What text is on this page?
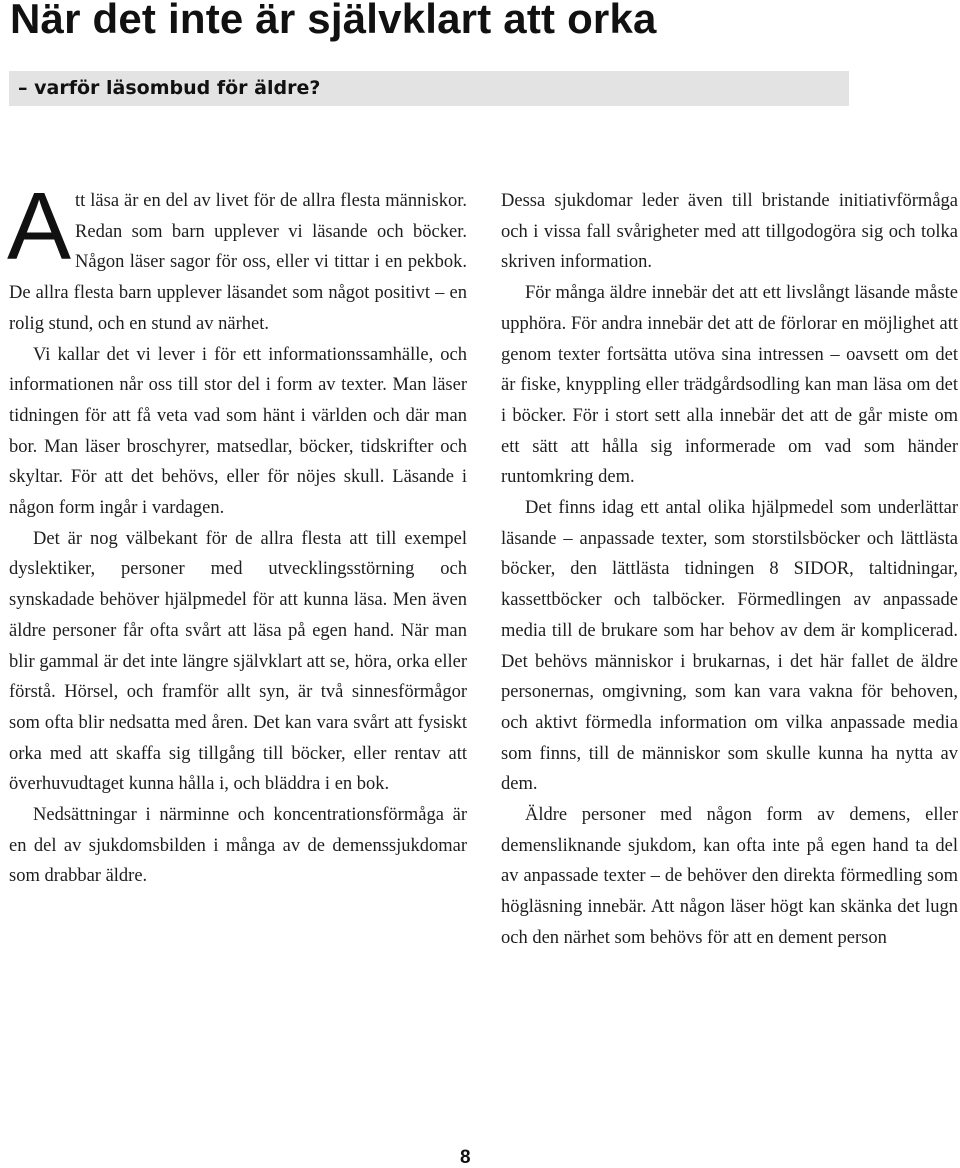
När det inte är självklart att orka
– varför läsombud för äldre?

Att läsa är en del av livet för de allra flesta människor. Redan som barn upplever vi läsande och böcker. Någon läser sagor för oss, eller vi tittar i en pekbok. De allra flesta barn upplever läsandet som något positivt – en rolig stund, och en stund av närhet.

Vi kallar det vi lever i för ett informationssamhälle, och informationen når oss till stor del i form av texter. Man läser tidningen för att få veta vad som hänt i världen och där man bor. Man läser broschyrer, matsedlar, böcker, tidskrifter och skyltar. För att det behövs, eller för nöjes skull. Läsande i någon form ingår i vardagen.

Det är nog välbekant för de allra flesta att till exempel dyslektiker, personer med utvecklingsstörning och synskadade behöver hjälpmedel för att kunna läsa. Men även äldre personer får ofta svårt att läsa på egen hand. När man blir gammal är det inte längre självklart att se, höra, orka eller förstå. Hörsel, och framför allt syn, är två sinnesförmågor som ofta blir nedsatta med åren. Det kan vara svårt att fysiskt orka med att skaffa sig tillgång till böcker, eller rentav att överhuvudtaget kunna hålla i, och bläddra i en bok.

Nedsättningar i närminne och koncentrationsförmåga är en del av sjukdomsbilden i många av de demenssjukdomar som drabbar äldre.

Dessa sjukdomar leder även till bristande initiativförmåga och i vissa fall svårigheter med att tillgodogöra sig och tolka skriven information.

För många äldre innebär det att ett livslångt läsande måste upphöra. För andra innebär det att de förlorar en möjlighet att genom texter fortsätta utöva sina intressen – oavsett om det är fiske, knyppling eller trädgårdsodling kan man läsa om det i böcker. För i stort sett alla innebär det att de går miste om ett sätt att hålla sig informerade om vad som händer runtomkring dem.

Det finns idag ett antal olika hjälpmedel som underlättar läsande – anpassade texter, som storstilsböcker och lättlästa böcker, den lättlästa tidningen 8 SIDOR, taltidningar, kassettböcker och talböcker. Förmedlingen av anpassade media till de brukare som har behov av dem är komplicerad. Det behövs människor i brukarnas, i det här fallet de äldre personernas, omgivning, som kan vara vakna för behoven, och aktivt förmedla information om vilka anpassade media som finns, till de människor som skulle kunna ha nytta av dem.

Äldre personer med någon form av demens, eller demensliknande sjukdom, kan ofta inte på egen hand ta del av anpassade texter – de behöver den direkta förmedling som högläsning innebär. Att någon läser högt kan skänka det lugn och den närhet som behövs för att en dement person

8
